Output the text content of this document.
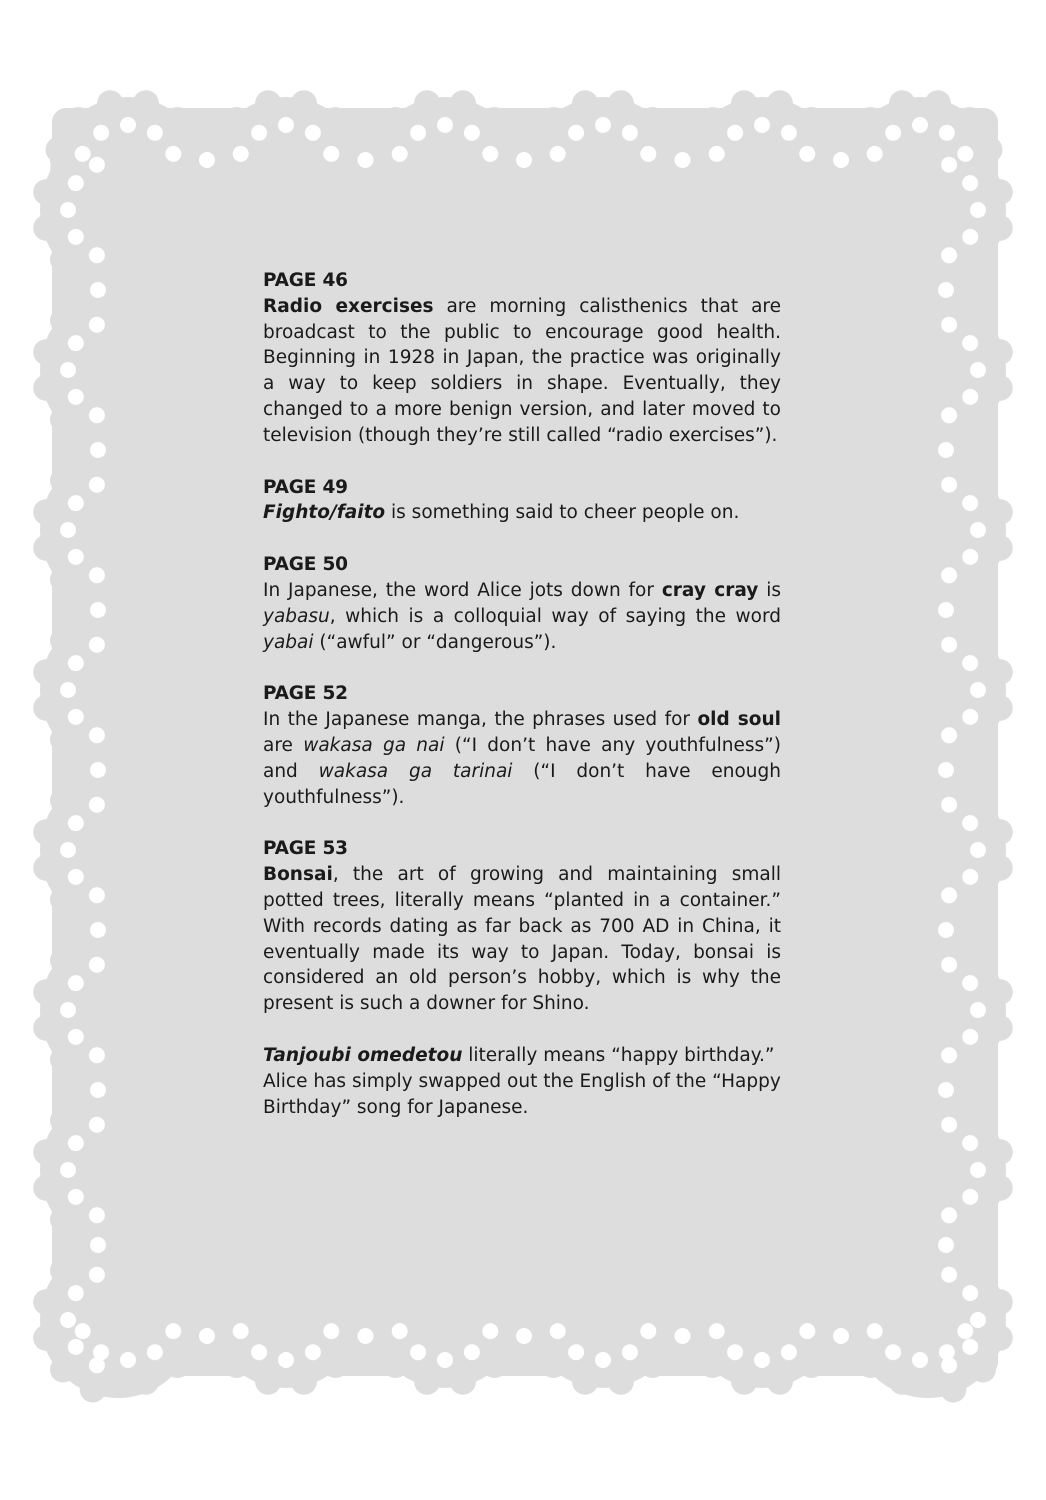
PAGE 46
Radio exercises are morning calisthenics that are broadcast to the public to encourage good health. Beginning in 1928 in Japan, the practice was originally a way to keep soldiers in shape. Eventually, they changed to a more benign version, and later moved to television (though they’re still called “radio exercises”).
PAGE 49
Fighto/faito is something said to cheer people on.
PAGE 50
In Japanese, the word Alice jots down for cray cray is yabasu, which is a colloquial way of saying the word yabai (“awful” or “dangerous”).
PAGE 52
In the Japanese manga, the phrases used for old soul are wakasa ga nai (“I don’t have any youthfulness”) and wakasa ga tarinai (“I don’t have enough youthfulness”).
PAGE 53
Bonsai, the art of growing and maintaining small potted trees, literally means “planted in a container.” With records dating as far back as 700 AD in China, it eventually made its way to Japan. Today, bonsai is considered an old person’s hobby, which is why the present is such a downer for Shino.
Tanjoubi omedetou literally means “happy birthday.” Alice has simply swapped out the English of the “Happy Birthday” song for Japanese.
